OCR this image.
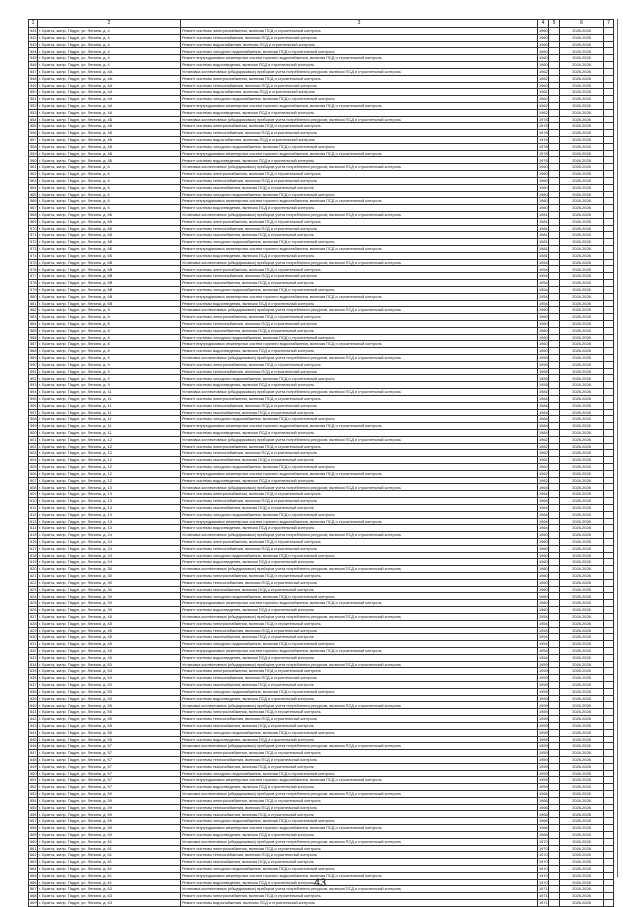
1	2	3	4	5	6	7
541	г. Братск, жилр. Падун, ул. Ленина, д. 4	Ремонт системы электроснабжения, включая ПСД и строительный контроль	1960		2026-2028	
542	г. Братск, жилр. Падун, ул. Ленина, д. 4	Ремонт системы теплоснабжения, включая ПСД и строительный контроль	1960		2026-2028	
543	г. Братск, жилр. Падун, ул. Ленина, д. 4	Ремонт системы водоснабжения, включая ПСД и строительный контроль	1960		2026-2028	
544	г. Братск, жилр. Падун, ул. Ленина, д. 4	Ремонт системы холодного водоснабжения, включая ПСД и строительный контроль	1960		2026-2028	
545	г. Братск, жилр. Падун, ул. Ленина, д. 4	Ремонт внутридомовых инженерных систем горячего водоснабжения, включая ПСД и строительный контроль	1960		2026-2028	
546	г. Братск, жилр. Падун, ул. Ленина, д. 4	Ремонт системы водоотведения, включая ПСД и строительный контроль	1960		2026-2028	
547	г. Братск, жилр. Падун, ул. Ленина, д. 4А	Установка коллективных (общедомовых) приборов учета потребления ресурсов, включая ПСД и строительный контроль	1962		2026-2028	
548	г. Братск, жилр. Падун, ул. Ленина, д. 4А	Ремонт системы электроснабжения, включая ПСД и строительный контроль	1962		2026-2028	
549	г. Братск, жилр. Падун, ул. Ленина, д. 4А	Ремонт системы теплоснабжения, включая ПСД и строительный контроль	1962		2026-2028	
550	г. Братск, жилр. Падун, ул. Ленина, д. 4А	Ремонт системы водоснабжения, включая ПСД и строительный контроль	1962		2026-2028	
551	г. Братск, жилр. Падун, ул. Ленина, д. 4А	Ремонт системы холодного водоснабжения, включая ПСД и строительный контроль	1962		2026-2028	
552	г. Братск, жилр. Падун, ул. Ленина, д. 4А	Ремонт внутридомовых инженерных систем горячего водоснабжения, включая ПСД и строительный контроль	1962		2026-2028	
553	г. Братск, жилр. Падун, ул. Ленина, д. 4А	Ремонт системы водоотведения, включая ПСД и строительный контроль	1962		2026-2028	
554	г. Братск, жилр. Падун, ул. Ленина, д. 4Б	Установка коллективных (общедомовых) приборов учета потребления ресурсов, включая ПСД и строительный контроль	1978		2026-2028	
555	г. Братск, жилр. Падун, ул. Ленина, д. 4Б	Ремонт системы электроснабжения, включая ПСД и строительный контроль	1978		2026-2028	
556	г. Братск, жилр. Падун, ул. Ленина, д. 4Б	Ремонт системы теплоснабжения, включая ПСД и строительный контроль	1978		2026-2028	
557	г. Братск, жилр. Падун, ул. Ленина, д. 4Б	Ремонт системы водоснабжения, включая ПСД и строительный контроль	1978		2026-2028	
558	г. Братск, жилр. Падун, ул. Ленина, д. 4Б	Ремонт системы холодного водоснабжения, включая ПСД и строительный контроль	1978		2026-2028	
559	г. Братск, жилр. Падун, ул. Ленина, д. 4Б	Ремонт внутридомовых инженерных систем горячего водоснабжения, включая ПСД и строительный контроль	1978		2026-2028	
560	г. Братск, жилр. Падун, ул. Ленина, д. 4Б	Ремонт системы водоотведения, включая ПСД и строительный контроль	1978		2026-2028	
561	г. Братск, жилр. Падун, ул. Ленина, д. 6	Установка коллективных (общедомовых) приборов учета потребления ресурсов, включая ПСД и строительный контроль	1960		2026-2028	
562	г. Братск, жилр. Падун, ул. Ленина, д. 6	Ремонт системы электроснабжения, включая ПСД и строительный контроль	1960		2026-2028	
563	г. Братск, жилр. Падун, ул. Ленина, д. 6	Ремонт системы теплоснабжения, включая ПСД и строительный контроль	1960		2026-2028	
564	г. Братск, жилр. Падун, ул. Ленина, д. 6	Ремонт системы газоснабжения, включая ПСД и строительный контроль	1960		2026-2028	
565	г. Братск, жилр. Падун, ул. Ленина, д. 6	Ремонт системы холодного водоснабжения, включая ПСД и строительный контроль	1960		2026-2028	
566	г. Братск, жилр. Падун, ул. Ленина, д. 6	Ремонт внутридомовых инженерных систем горячего водоснабжения, включая ПСД и строительный контроль	1960		2026-2028	
567	г. Братск, жилр. Падун, ул. Ленина, д. 6	Ремонт системы водоотведения, включая ПСД и строительный контроль	1960		2026-2028	
568	г. Братск, жилр. Падун, ул. Ленина, д. 6Б	Установка коллективных (общедомовых) приборов учета потребления ресурсов, включая ПСД и строительный контроль	1981		2026-2028	
569	г. Братск, жилр. Падун, ул. Ленина, д. 6Б	Ремонт системы электроснабжения, включая ПСД и строительный контроль	1981		2026-2028	
570	г. Братск, жилр. Падун, ул. Ленина, д. 6Б	Ремонт системы теплоснабжения, включая ПСД и строительный контроль	1981		2026-2028	
571	г. Братск, жилр. Падун, ул. Ленина, д. 6Б	Ремонт системы газоснабжения, включая ПСД и строительный контроль	1981		2026-2028	
572	г. Братск, жилр. Падун, ул. Ленина, д. 6Б	Ремонт системы холодного водоснабжения, включая ПСД и строительный контроль	1981		2026-2028	
573	г. Братск, жилр. Падун, ул. Ленина, д. 6Б	Ремонт внутридомовых инженерных систем горячего водоснабжения, включая ПСД и строительный контроль	1981		2026-2028	
574	г. Братск, жилр. Падун, ул. Ленина, д. 6Б	Ремонт системы водоотведения, включая ПСД и строительный контроль	1981		2026-2028	
575	г. Братск, жилр. Падун, ул. Ленина, д. 6В	Установка коллективных (общедомовых) приборов учета потребления ресурсов, включая ПСД и строительный контроль	1954		2026-2028	
576	г. Братск, жилр. Падун, ул. Ленина, д. 6В	Ремонт системы электроснабжения, включая ПСД и строительный контроль	1954		2026-2028	
577	г. Братск, жилр. Падун, ул. Ленина, д. 6В	Ремонт системы теплоснабжения, включая ПСД и строительный контроль	1954		2026-2028	
578	г. Братск, жилр. Падун, ул. Ленина, д. 6В	Ремонт системы газоснабжения, включая ПСД и строительный контроль	1954		2026-2028	
579	г. Братск, жилр. Падун, ул. Ленина, д. 6В	Ремонт системы холодного водоснабжения, включая ПСД и строительный контроль	1954		2026-2028	
580	г. Братск, жилр. Падун, ул. Ленина, д. 6В	Ремонт внутридомовых инженерных систем горячего водоснабжения, включая ПСД и строительный контроль	1954		2026-2028	
581	г. Братск, жилр. Падун, ул. Ленина, д. 6В	Ремонт системы водоотведения, включая ПСД и строительный контроль	1954		2026-2028	
582	г. Братск, жилр. Падун, ул. Ленина, д. 8	Установка коллективных (общедомовых) приборов учета потребления ресурсов, включая ПСД и строительный контроль	1960		2026-2028	
583	г. Братск, жилр. Падун, ул. Ленина, д. 8	Ремонт системы электроснабжения, включая ПСД и строительный контроль	1960		2026-2028	
584	г. Братск, жилр. Падун, ул. Ленина, д. 8	Ремонт системы теплоснабжения, включая ПСД и строительный контроль	1960		2026-2028	
585	г. Братск, жилр. Падун, ул. Ленина, д. 8	Ремонт системы газоснабжения, включая ПСД и строительный контроль	1960		2026-2028	
586	г. Братск, жилр. Падун, ул. Ленина, д. 8	Ремонт системы холодного водоснабжения, включая ПСД и строительный контроль	1960		2026-2028	
587	г. Братск, жилр. Падун, ул. Ленина, д. 8	Ремонт внутридомовых инженерных систем горячего водоснабжения, включая ПСД и строительный контроль	1960		2026-2028	
588	г. Братск, жилр. Падун, ул. Ленина, д. 8	Ремонт системы водоотведения, включая ПСД и строительный контроль	1960		2026-2028	
589	г. Братск, жилр. Падун, ул. Ленина, д. 9	Установка коллективных (общедомовых) приборов учета потребления ресурсов, включая ПСД и строительный контроль	1955		2026-2028	
590	г. Братск, жилр. Падун, ул. Ленина, д. 9	Ремонт системы электроснабжения, включая ПСД и строительный контроль	1955		2026-2028	
591	г. Братск, жилр. Падун, ул. Ленина, д. 9	Ремонт системы теплоснабжения, включая ПСД и строительный контроль	1955		2026-2028	
592	г. Братск, жилр. Падун, ул. Ленина, д. 9	Ремонт системы холодного водоснабжения, включая ПСД и строительный контроль	1955		2026-2028	
593	г. Братск, жилр. Падун, ул. Ленина, д. 9	Ремонт системы водоотведения, включая ПСД и строительный контроль	1955		2026-2028	
594	г. Братск, жилр. Падун, ул. Ленина, д. 11	Установка коллективных (общедомовых) приборов учета потребления ресурсов, включая ПСД и строительный контроль	1984		2026-2028	
595	г. Братск, жилр. Падун, ул. Ленина, д. 11	Ремонт системы электроснабжения, включая ПСД и строительный контроль	1984		2026-2028	
596	г. Братск, жилр. Падун, ул. Ленина, д. 11	Ремонт системы теплоснабжения, включая ПСД и строительный контроль	1984		2026-2028	
597	г. Братск, жилр. Падун, ул. Ленина, д. 11	Ремонт системы газоснабжения, включая ПСД и строительный контроль	1984		2026-2028	
598	г. Братск, жилр. Падун, ул. Ленина, д. 11	Ремонт системы холодного водоснабжения, включая ПСД и строительный контроль	1984		2026-2028	
599	г. Братск, жилр. Падун, ул. Ленина, д. 11	Ремонт внутридомовых инженерных систем горячего водоснабжения, включая ПСД и строительный контроль	1984		2026-2028	
600	г. Братск, жилр. Падун, ул. Ленина, д. 11	Ремонт системы водоотведения, включая ПСД и строительный контроль	1984		2026-2028	
601	г. Братск, жилр. Падун, ул. Ленина, д. 12	Установка коллективных (общедомовых) приборов учета потребления ресурсов, включая ПСД и строительный контроль	1962		2026-2028	
602	г. Братск, жилр. Падун, ул. Ленина, д. 12	Ремонт системы электроснабжения, включая ПСД и строительный контроль	1962		2026-2028	
603	г. Братск, жилр. Падун, ул. Ленина, д. 12	Ремонт системы теплоснабжения, включая ПСД и строительный контроль	1962		2026-2028	
604	г. Братск, жилр. Падун, ул. Ленина, д. 12	Ремонт системы газоснабжения, включая ПСД и строительный контроль	1962		2026-2028	
605	г. Братск, жилр. Падун, ул. Ленина, д. 12	Ремонт системы холодного водоснабжения, включая ПСД и строительный контроль	1962		2026-2028	
606	г. Братск, жилр. Падун, ул. Ленина, д. 12	Ремонт внутридомовых инженерных систем горячего водоснабжения, включая ПСД и строительный контроль	1962		2026-2028	
607	г. Братск, жилр. Падун, ул. Ленина, д. 12	Ремонт системы водоотведения, включая ПСД и строительный контроль	1962		2026-2028	
608	г. Братск, жилр. Падун, ул. Ленина, д. 13	Установка коллективных (общедомовых) приборов учета потребления ресурсов, включая ПСД и строительный контроль	1964		2026-2028	
609	г. Братск, жилр. Падун, ул. Ленина, д. 13	Ремонт системы электроснабжения, включая ПСД и строительный контроль	1964		2026-2028	
610	г. Братск, жилр. Падун, ул. Ленина, д. 13	Ремонт системы теплоснабжения, включая ПСД и строительный контроль	1964		2026-2028	
611	г. Братск, жилр. Падун, ул. Ленина, д. 13	Ремонт системы газоснабжения, включая ПСД и строительный контроль	1964		2026-2028	
612	г. Братск, жилр. Падун, ул. Ленина, д. 13	Ремонт системы холодного водоснабжения, включая ПСД и строительный контроль	1964		2026-2028	
613	г. Братск, жилр. Падун, ул. Ленина, д. 13	Ремонт внутридомовых инженерных систем горячего водоснабжения, включая ПСД и строительный контроль	1964		2026-2028	
614	г. Братск, жилр. Падун, ул. Ленина, д. 13	Ремонт системы водоотведения, включая ПСД и строительный контроль	1964		2026-2028	
615	г. Братск, жилр. Падун, ул. Ленина, д. 24	Установка коллективных (общедомовых) приборов учета потребления ресурсов, включая ПСД и строительный контроль	1960		2026-2028	
616	г. Братск, жилр. Падун, ул. Ленина, д. 24	Ремонт системы электроснабжения, включая ПСД и строительный контроль	1960		2026-2028	
617	г. Братск, жилр. Падун, ул. Ленина, д. 24	Ремонт системы теплоснабжения, включая ПСД и строительный контроль	1960		2026-2028	
618	г. Братск, жилр. Падун, ул. Ленина, д. 24	Ремонт системы холодного водоснабжения, включая ПСД и строительный контроль	1960		2026-2028	
619	г. Братск, жилр. Падун, ул. Ленина, д. 24	Ремонт системы водоотведения, включая ПСД и строительный контроль	1960		2026-2028	
620	г. Братск, жилр. Падун, ул. Ленина, д. 30	Установка коллективных (общедомовых) приборов учета потребления ресурсов, включая ПСД и строительный контроль	1960		2026-2028	
621	г. Братск, жилр. Падун, ул. Ленина, д. 30	Ремонт системы электроснабжения, включая ПСД и строительный контроль	1960		2026-2028	
622	г. Братск, жилр. Падун, ул. Ленина, д. 30	Ремонт системы теплоснабжения, включая ПСД и строительный контроль	1960		2026-2028	
623	г. Братск, жилр. Падун, ул. Ленина, д. 30	Ремонт системы газоснабжения, включая ПСД и строительный контроль	1960		2026-2028	
624	г. Братск, жилр. Падун, ул. Ленина, д. 30	Ремонт системы холодного водоснабжения, включая ПСД и строительный контроль	1960		2026-2028	
625	г. Братск, жилр. Падун, ул. Ленина, д. 30	Ремонт внутридомовых инженерных систем горячего водоснабжения, включая ПСД и строительный контроль	1960		2026-2028	
626	г. Братск, жилр. Падун, ул. Ленина, д. 30	Ремонт системы водоотведения, включая ПСД и строительный контроль	1960		2026-2028	
627	г. Братск, жилр. Падун, ул. Ленина, д. 45	Установка коллективных (общедомовых) приборов учета потребления ресурсов, включая ПСД и строительный контроль	1954		2026-2028	
628	г. Братск, жилр. Падун, ул. Ленина, д. 45	Ремонт системы электроснабжения, включая ПСД и строительный контроль	1954		2026-2028	
629	г. Братск, жилр. Падун, ул. Ленина, д. 45	Ремонт системы теплоснабжения, включая ПСД и строительный контроль	1954		2026-2028	
630	г. Братск, жилр. Падун, ул. Ленина, д. 45	Ремонт системы газоснабжения, включая ПСД и строительный контроль	1954		2026-2028	
631	г. Братск, жилр. Падун, ул. Ленина, д. 45	Ремонт системы холодного водоснабжения, включая ПСД и строительный контроль	1954		2026-2028	
632	г. Братск, жилр. Падун, ул. Ленина, д. 45	Ремонт внутридомовых инженерных систем горячего водоснабжения, включая ПСД и строительный контроль	1954		2026-2028	
633	г. Братск, жилр. Падун, ул. Ленина, д. 45	Ремонт системы водоотведения, включая ПСД и строительный контроль	1954		2026-2028	
634	г. Братск, жилр. Падун, ул. Ленина, д. 53	Установка коллективных (общедомовых) приборов учета потребления ресурсов, включая ПСД и строительный контроль	1959		2026-2028	
635	г. Братск, жилр. Падун, ул. Ленина, д. 53	Ремонт системы электроснабжения, включая ПСД и строительный контроль	1959		2026-2028	
636	г. Братск, жилр. Падун, ул. Ленина, д. 53	Ремонт системы теплоснабжения, включая ПСД и строительный контроль	1959		2026-2028	
637	г. Братск, жилр. Падун, ул. Ленина, д. 53	Ремонт системы газоснабжения, включая ПСД и строительный контроль	1959		2026-2028	
638	г. Братск, жилр. Падун, ул. Ленина, д. 53	Ремонт системы холодного водоснабжения, включая ПСД и строительный контроль	1959		2026-2028	
639	г. Братск, жилр. Падун, ул. Ленина, д. 53	Ремонт системы водоотведения, включая ПСД и строительный контроль	1959		2026-2028	
640	г. Братск, жилр. Падун, ул. Ленина, д. 55	Установка коллективных (общедомовых) приборов учета потребления ресурсов, включая ПСД и строительный контроль	1959		2026-2028	
641	г. Братск, жилр. Падун, ул. Ленина, д. 55	Ремонт системы электроснабжения, включая ПСД и строительный контроль	1959		2026-2028	
642	г. Братск, жилр. Падун, ул. Ленина, д. 55	Ремонт системы теплоснабжения, включая ПСД и строительный контроль	1959		2026-2028	
643	г. Братск, жилр. Падун, ул. Ленина, д. 55	Ремонт системы газоснабжения, включая ПСД и строительный контроль	1959		2026-2028	
644	г. Братск, жилр. Падун, ул. Ленина, д. 55	Ремонт системы холодного водоснабжения, включая ПСД и строительный контроль	1959		2026-2028	
645	г. Братск, жилр. Падун, ул. Ленина, д. 55	Ремонт системы водоотведения, включая ПСД и строительный контроль	1959		2026-2028	
646	г. Братск, жилр. Падун, ул. Ленина, д. 57	Установка коллективных (общедомовых) приборов учета потребления ресурсов, включая ПСД и строительный контроль	1959		2026-2028	
647	г. Братск, жилр. Падун, ул. Ленина, д. 57	Ремонт системы электроснабжения, включая ПСД и строительный контроль	1959		2026-2028	
648	г. Братск, жилр. Падун, ул. Ленина, д. 57	Ремонт системы теплоснабжения, включая ПСД и строительный контроль	1959		2026-2028	
649	г. Братск, жилр. Падун, ул. Ленина, д. 57	Ремонт системы газоснабжения, включая ПСД и строительный контроль	1959		2026-2028	
650	г. Братск, жилр. Падун, ул. Ленина, д. 57	Ремонт системы холодного водоснабжения, включая ПСД и строительный контроль	1959		2026-2028	
651	г. Братск, жилр. Падун, ул. Ленина, д. 57	Ремонт внутридомовых инженерных систем горячего водоснабжения, включая ПСД и строительный контроль	1959		2026-2028	
652	г. Братск, жилр. Падун, ул. Ленина, д. 57	Ремонт системы водоотведения, включая ПСД и строительный контроль	1959		2026-2028	
653	г. Братск, жилр. Падун, ул. Ленина, д. 59	Установка коллективных (общедомовых) приборов учета потребления ресурсов, включая ПСД и строительный контроль	1966		2026-2028	
654	г. Братск, жилр. Падун, ул. Ленина, д. 59	Ремонт системы электроснабжения, включая ПСД и строительный контроль	1966		2026-2028	
655	г. Братск, жилр. Падун, ул. Ленина, д. 59	Ремонт системы теплоснабжения, включая ПСД и строительный контроль	1966		2026-2028	
656	г. Братск, жилр. Падун, ул. Ленина, д. 59	Ремонт системы газоснабжения, включая ПСД и строительный контроль	1966		2026-2028	
657	г. Братск, жилр. Падун, ул. Ленина, д. 59	Ремонт системы холодного водоснабжения, включая ПСД и строительный контроль	1966		2026-2028	
658	г. Братск, жилр. Падун, ул. Ленина, д. 59	Ремонт внутридомовых инженерных систем горячего водоснабжения, включая ПСД и строительный контроль	1966		2026-2028	
659	г. Братск, жилр. Падун, ул. Ленина, д. 59	Ремонт системы водоотведения, включая ПСД и строительный контроль	1966		2026-2028	
660	г. Братск, жилр. Падун, ул. Ленина, д. 61	Установка коллективных (общедомовых) приборов учета потребления ресурсов, включая ПСД и строительный контроль	1970		2026-2028	
661	г. Братск, жилр. Падун, ул. Ленина, д. 61	Ремонт системы электроснабжения, включая ПСД и строительный контроль	1970		2026-2028	
662	г. Братск, жилр. Падун, ул. Ленина, д. 61	Ремонт системы теплоснабжения, включая ПСД и строительный контроль	1970		2026-2028	
663	г. Братск, жилр. Падун, ул. Ленина, д. 61	Ремонт системы газоснабжения, включая ПСД и строительный контроль	1970		2026-2028	
664	г. Братск, жилр. Падун, ул. Ленина, д. 61	Ремонт системы холодного водоснабжения, включая ПСД и строительный контроль	1970		2026-2028	
665	г. Братск, жилр. Падун, ул. Ленина, д. 61	Ремонт внутридомовых инженерных систем горячего водоснабжения, включая ПСД и строительный контроль	1970		2026-2028	
666	г. Братск, жилр. Падун, ул. Ленина, д. 61	Ремонт системы водоотведения, включая ПСД и строительный контроль	1970		2026-2028	
667	г. Братск, жилр. Падун, ул. Ленина, д. 63	Установка коллективных (общедомовых) приборов учета потребления ресурсов, включая ПСД и строительный контроль	1971		2026-2028	
668	г. Братск, жилр. Падун, ул. Ленина, д. 63	Ремонт системы электроснабжения, включая ПСД и строительный контроль	1971		2026-2028	
669	г. Братск, жилр. Падун, ул. Ленина, д. 63	Ремонт системы водоснабжения, включая ПСД и строительный контроль	1971		2026-2028	
43
